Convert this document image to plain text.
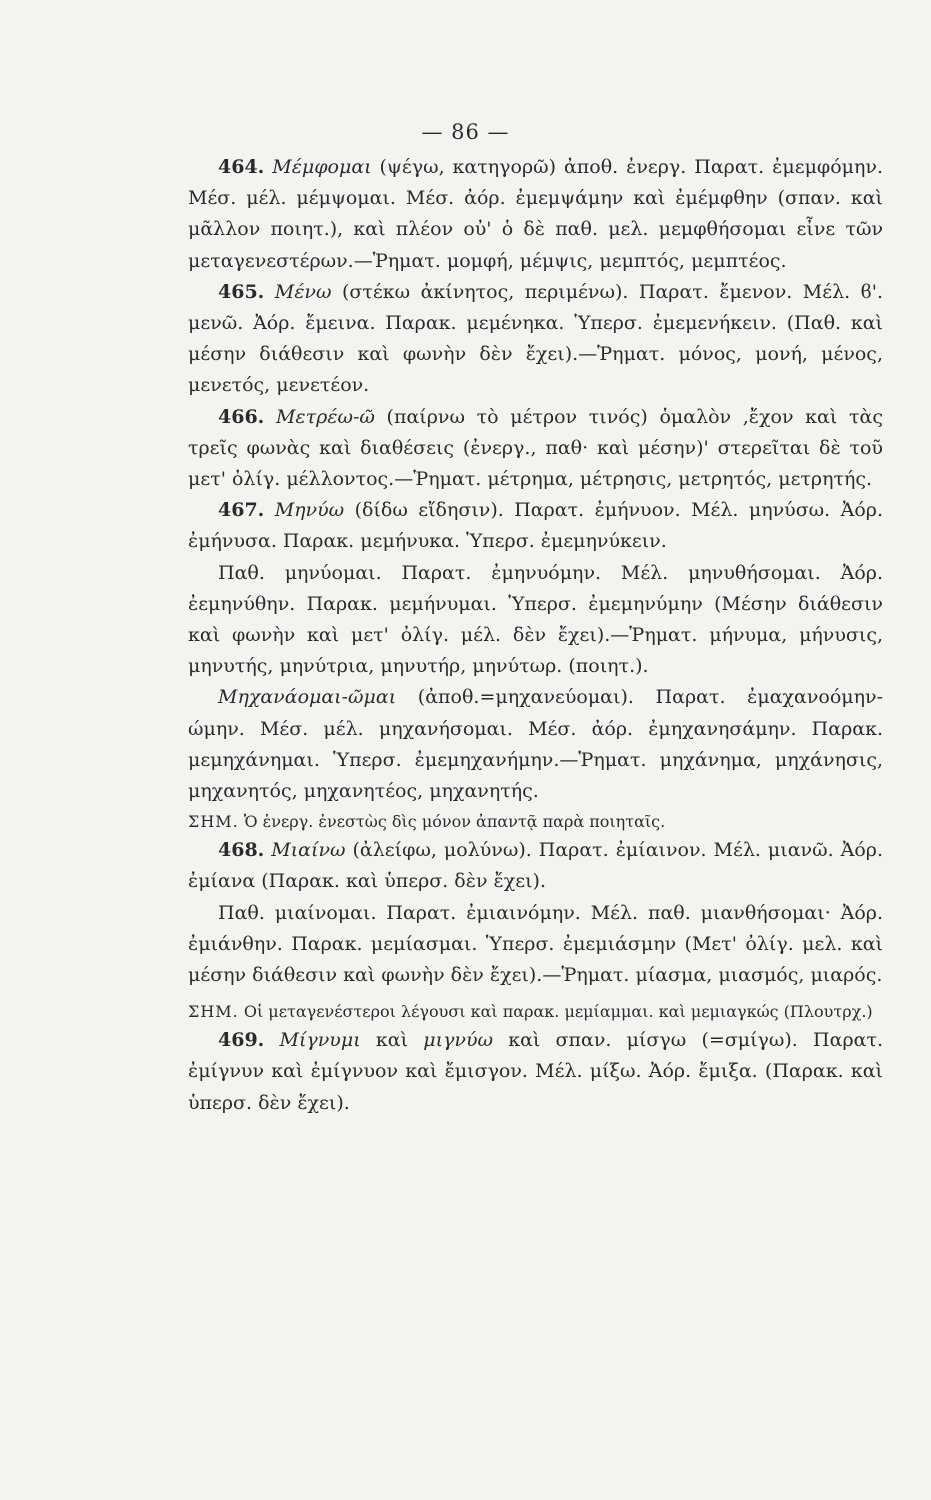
— 86 —

464. Μέμφομαι (ψέγω, κατηγορῶ) ἀποθ. ἐνεργ. Παρατ. ἐμεμφόμην. Μέσ. μέλ. μέμψομαι. Μέσ. ἀόρ. ἐμεμψάμην καὶ ἐμέμφθην (σπαν. καὶ μᾶλλον ποιητ.), καὶ πλέον οὐ' ὁ δὲ παθ. μελ. μεμφθήσομαι εἶνε τῶν μεταγενεστέρων.—Ῥηματ. μομφή, μέμψις, μεμπτός, μεμπτέος.

465. Μένω (στέκω ἀκίνητος, περιμένω). Παρατ. ἔμενον. Μέλ. ϐ'. μενῶ. Ἀόρ. ἔμεινα. Παρακ. μεμένηκα. Ὑπερσ. ἐμεμενήκειν. (Παθ. καὶ μέσην διάθεσιν καὶ φωνὴν δὲν ἔχει).—Ῥηματ. μόνος, μονή, μένος, μενετός, μενετέον.

466. Μετρέω-ῶ (παίρνω τὸ μέτρον τινός) ὁμαλὸν ,ἔχον καὶ τὰς τρεῖς φωνὰς καὶ διαθέσεις (ἐνεργ., παθ· καὶ μέσην)' στερεῖται δὲ τοῦ μετ' ὀλίγ. μέλλοντος.—Ῥηματ. μέτρημα, μέτρησις, μετρητός, μετρητής.

467. Μηνύω (δίδω εἴδησιν). Παρατ. ἐμήνυον. Μέλ. μηνύσω. Ἀόρ. ἐμήνυσα. Παρακ. μεμήνυκα. Ὑπερσ. ἐμεμηνύκειν.

Παθ. μηνύομαι. Παρατ. ἐμηνυόμην. Μέλ. μηνυθήσομαι. Ἀόρ. ἐεμηνύθην. Παρακ. μεμήνυμαι. Ὑπερσ. ἐμεμηνύμην (Μέσην διάθεσιν καὶ φωνὴν καὶ μετ' ὀλίγ. μέλ. δὲν ἔχει).—Ῥηματ. μήνυμα, μήνυσις, μηνυτής, μηνύτρια, μηνυτήρ, μηνύτωρ. (ποιητ.).

Μηχανάομαι-ῶμαι (ἀποθ.=μηχανεύομαι). Παρατ. ἐμαχανοόμην-ώμην. Μέσ. μέλ. μηχανήσομαι. Μέσ. ἀόρ. ἐμηχανησάμην. Παρακ. μεμηχάνημαι. Ὑπερσ. ἐμεμηχανήμην.—Ῥηματ. μηχάνημα, μηχάνησις, μηχανητός, μηχανητέος, μηχανητής.

ΣΗΜ. Ὁ ἐνεργ. ἐνεστὼς δὶς μόνον ἀπαντᾷ παρὰ ποιηταῖς.

468. Μιαίνω (ἀλείφω, μολύνω). Παρατ. ἐμίαινον. Μέλ. μιανῶ. Ἀόρ. ἐμίανα (Παρακ. καὶ ὑπερσ. δὲν ἔχει).

Παθ. μιαίνομαι. Παρατ. ἐμιαινόμην. Μέλ. παθ. μιανθήσομαι· Ἀόρ. ἐμιάνθην. Παρακ. μεμίασμαι. Ὑπερσ. ἐμεμιάσμην (Μετ' ὀλίγ. μελ. καὶ μέσην διάθεσιν καὶ φωνὴν δὲν ἔχει).—Ῥηματ. μίασμα, μιασμός, μιαρός.

ΣΗΜ. Οἱ μεταγενέστεροι λέγουσι καὶ παρακ. μεμίαμμαι. καὶ μεμιαγκώς (Πλουτρχ.)

469. Μίγνυμι καὶ μιγνύω καὶ σπαν. μίσγω (=σμίγω). Παρατ. ἐμίγνυν καὶ ἐμίγνυον καὶ ἔμισγον. Μέλ. μίξω. Ἀόρ. ἔμιξα. (Παρακ. καὶ ὑπερσ. δὲν ἔχει).
